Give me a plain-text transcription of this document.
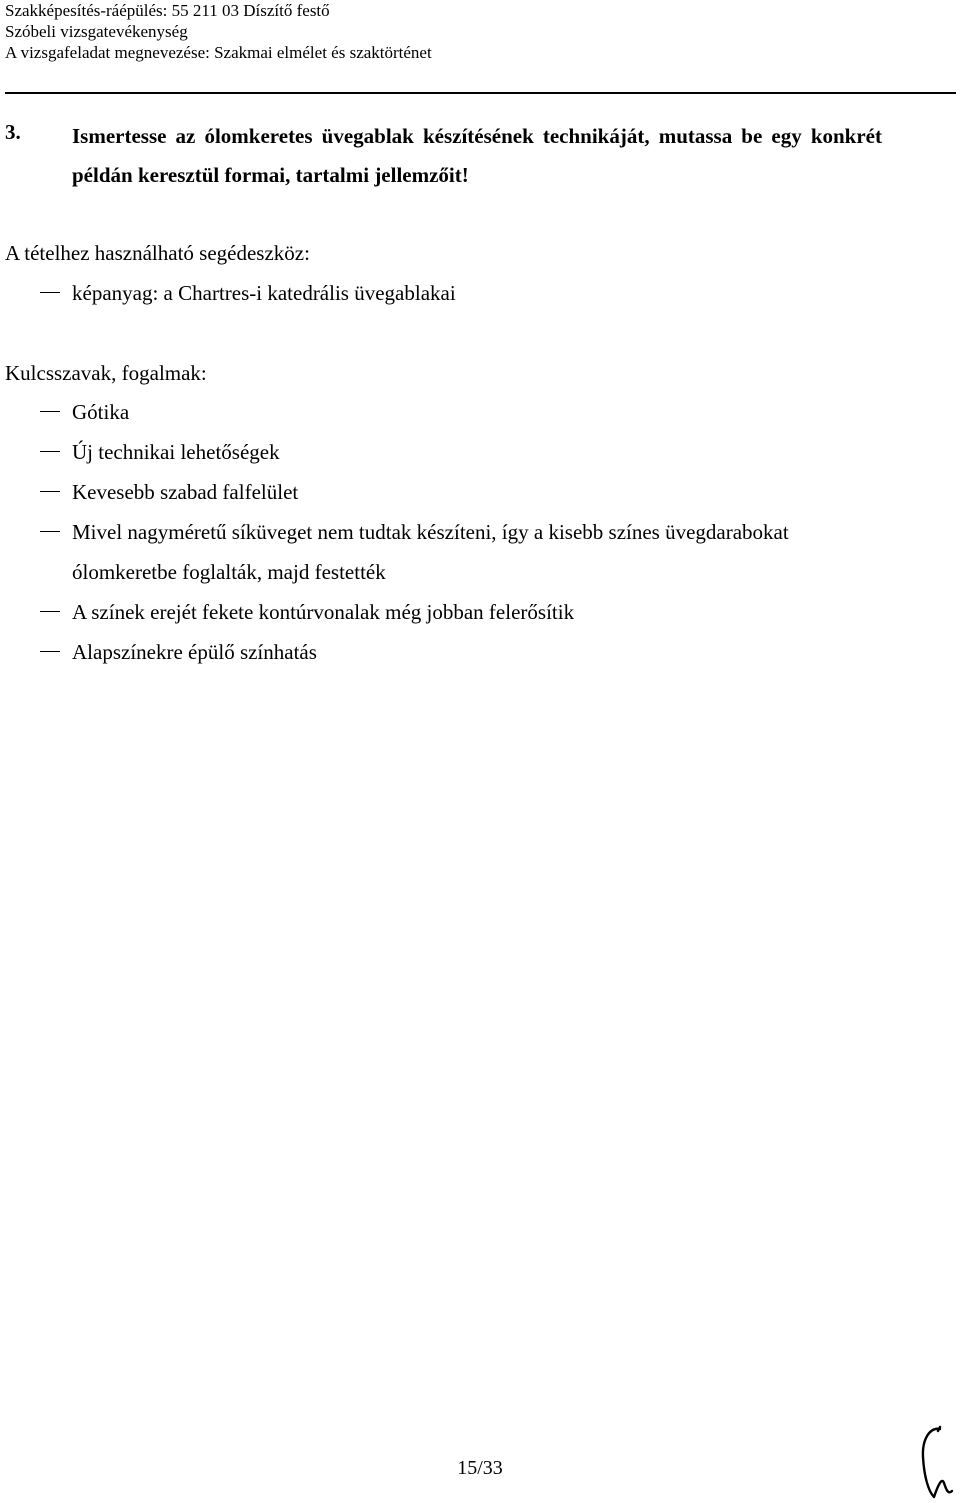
Szakképesítés-ráépülés: 55 211 03 Díszítő festő
Szóbeli vizsgatevékenység
A vizsgafeladat megnevezése: Szakmai elmélet és szaktörténet
3. Ismertesse az ólomkeretes üvegablak készítésének technikáját, mutassa be egy konkrét példán keresztül formai, tartalmi jellemzőit!
A tételhez használható segédeszköz:
képanyag: a Chartres-i katedrális üvegablakai
Kulcsszavak, fogalmak:
Gótika
Új technikai lehetőségek
Kevesebb szabad falfelület
Mivel nagyméretű síküveget nem tudtak készíteni, így a kisebb színes üvegdarabokat ólomkeretbe foglalták, majd festették
A színek erejét fekete kontúrvonalak még jobban felerősítik
Alapszínekre épülő színhatás
15/33
